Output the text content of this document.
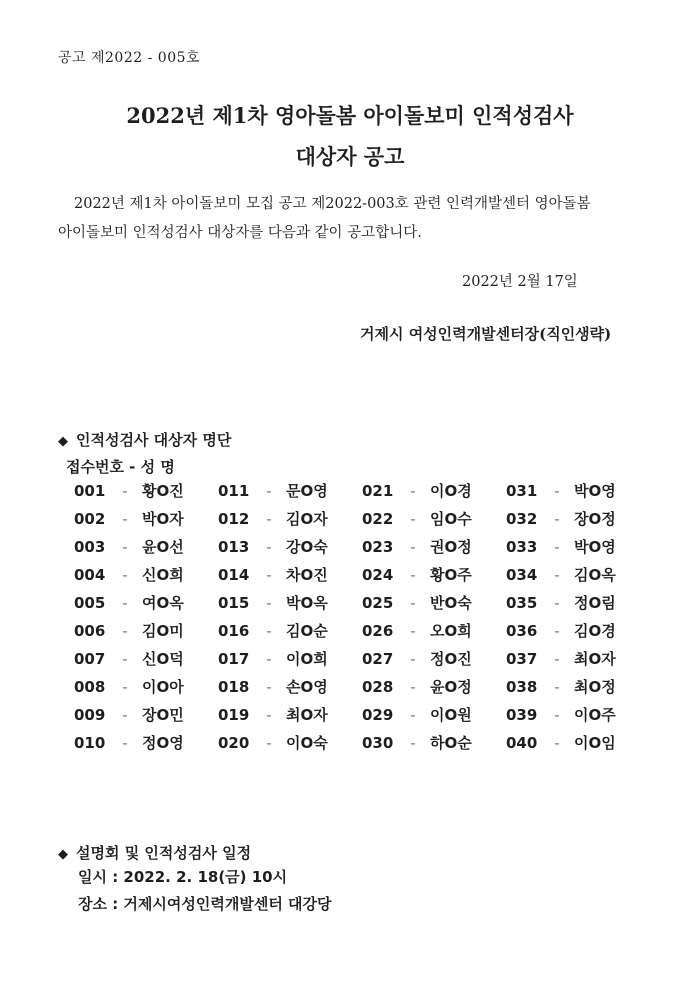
공고 제2022 - 005호
2022년 제1차 영아돌봄 아이돌보미 인적성검사
대상자 공고
2022년 제1차 아이돌보미 모집 공고 제2022-003호 관련 인력개발센터 영아돌봄
아이돌보미 인적성검사 대상자를 다음과 같이 공고합니다.
2022년 2월 17일
거제시 여성인력개발센터장(직인생략)
◆ 인적성검사 대상자 명단
접수번호 - 성 명
001 - 황O진
002 - 박O자
003 - 윤O선
004 - 신O희
005 - 여O옥
006 - 김O미
007 - 신O덕
008 - 이O아
009 - 장O민
010 - 정O영
011 - 문O영
012 - 김O자
013 - 강O숙
014 - 차O진
015 - 박O옥
016 - 김O순
017 - 이O희
018 - 손O영
019 - 최O자
020 - 이O숙
021 - 이O경
022 - 임O수
023 - 권O정
024 - 황O주
025 - 반O숙
026 - 오O희
027 - 정O진
028 - 윤O정
029 - 이O원
030 - 하O순
031 - 박O영
032 - 장O정
033 - 박O영
034 - 김O옥
035 - 정O림
036 - 김O경
037 - 최O자
038 - 최O정
039 - 이O주
040 - 이O임
◆ 설명회 및 인적성검사 일정
일시 : 2022. 2. 18(금) 10시
장소 : 거제시여성인력개발센터 대강당
